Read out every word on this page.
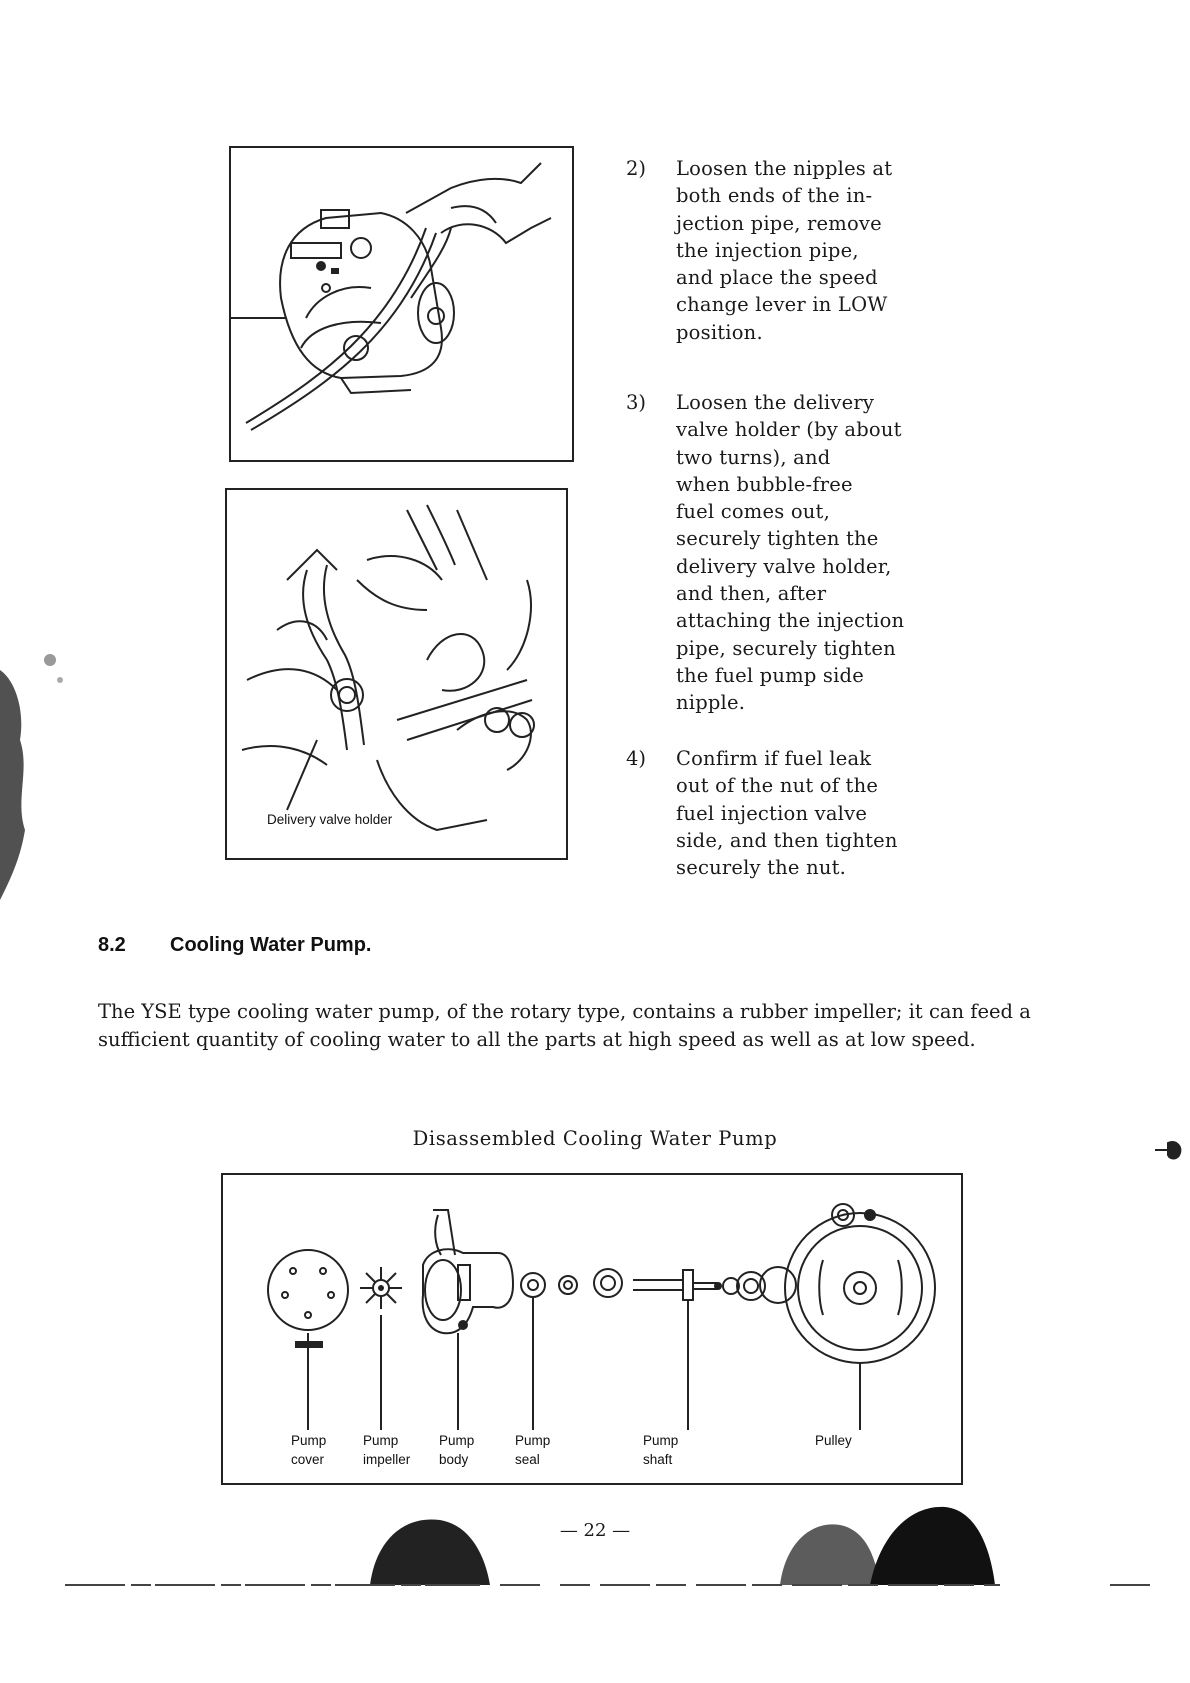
Delivery valve holder
2)	Loosen the nipples at
both ends of the in-
jection pipe, remove
the injection pipe,
and place the speed
change lever in LOW
position.
3)	Loosen the delivery
valve holder (by about
two turns), and
when bubble-free
fuel comes out,
securely tighten the
delivery valve holder,
and then, after
attaching the injection
pipe, securely tighten
the fuel pump side
nipple.
4)	Confirm if fuel leak
out of the nut of the
fuel injection valve
side, and then tighten
securely the nut.
8.2 Cooling Water Pump.
The YSE type cooling water pump, of the rotary type, contains a rubber impeller; it can feed a sufficient quantity of cooling water to all the parts at high speed as well as at low speed.
Disassembled Cooling Water Pump
Pump
cover
Pump
impeller
Pump
body
Pump
seal
Pump
shaft
Pulley
— 22 —
